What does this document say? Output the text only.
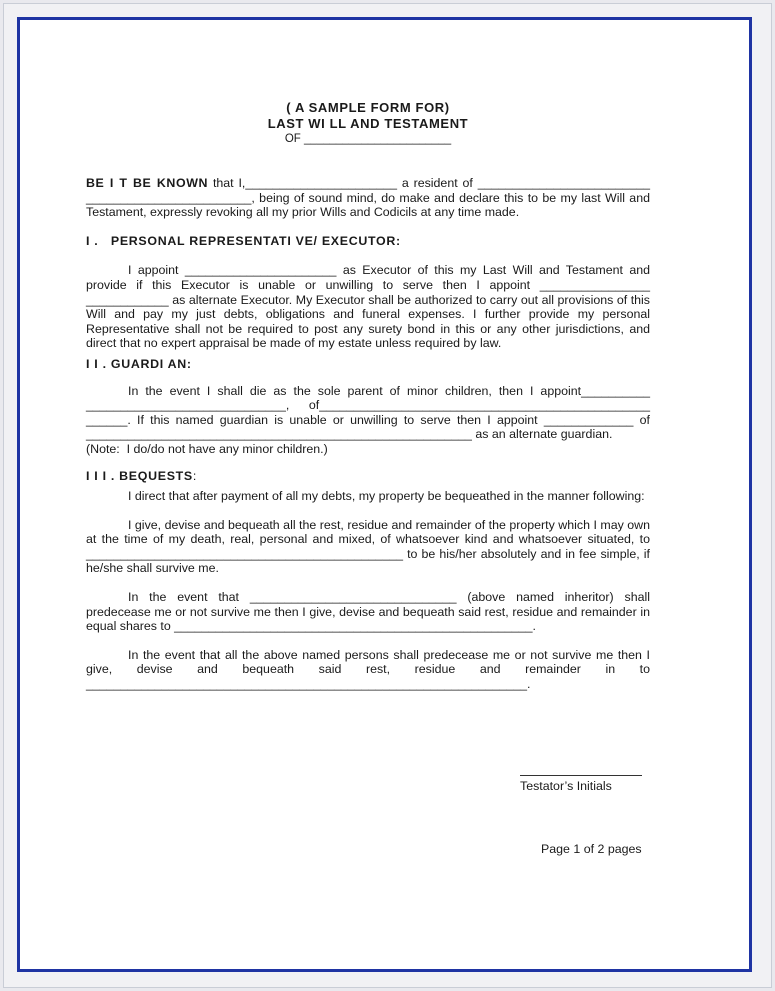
( A SAMPLE FORM FOR)
LAST WI LL AND TESTAMENT
OF _______________________

BE I T BE KNOWN that I,______________________ a resident of _________________________ ________________________, being of sound mind, do make and declare this to be my last Will and Testament, expressly revoking all my prior Wills and Codicils at any time made.

I .   PERSONAL REPRESENTATI VE/ EXECUTOR:

I appoint ______________________ as Executor of this my Last Will and Testament and provide if this Executor is unable or unwilling to serve then I appoint ________________ ____________ as alternate Executor. My Executor shall be authorized to carry out all provisions of this Will and pay my just debts, obligations and funeral expenses. I further provide my personal Representative shall not be required to post any surety bond in this or any other jurisdictions, and direct that no expert appraisal be made of my estate unless required by law.

I I . GUARDI AN:

In the event I shall die as the sole parent of minor children, then I appoint__________ _____________________________, of________________________________________________ ______. If this named guardian is unable or unwilling to serve then I appoint _____________ of ________________________________________________________ as an alternate guardian.

(Note:  I do/do not have any minor children.)

I I I . BEQUESTS:

I direct that after payment of all my debts, my property be bequeathed in the manner following:

I give, devise and bequeath all the rest, residue and remainder of the property which I may own at the time of my death, real, personal and mixed, of whatsoever kind and whatsoever situated, to ______________________________________________ to be his/her absolutely and in fee simple, if he/she shall survive me.

In the event that ______________________________ (above named inheritor) shall predecease me or not survive me then I give, devise and bequeath said rest, residue and remainder in equal shares to ____________________________________________________.

In the event that all the above named persons shall predecease me or not survive me then I give, devise and bequeath said rest, residue and remainder in to ________________________________________________________________.

Testator’s Initials
Page 1 of 2 pages
